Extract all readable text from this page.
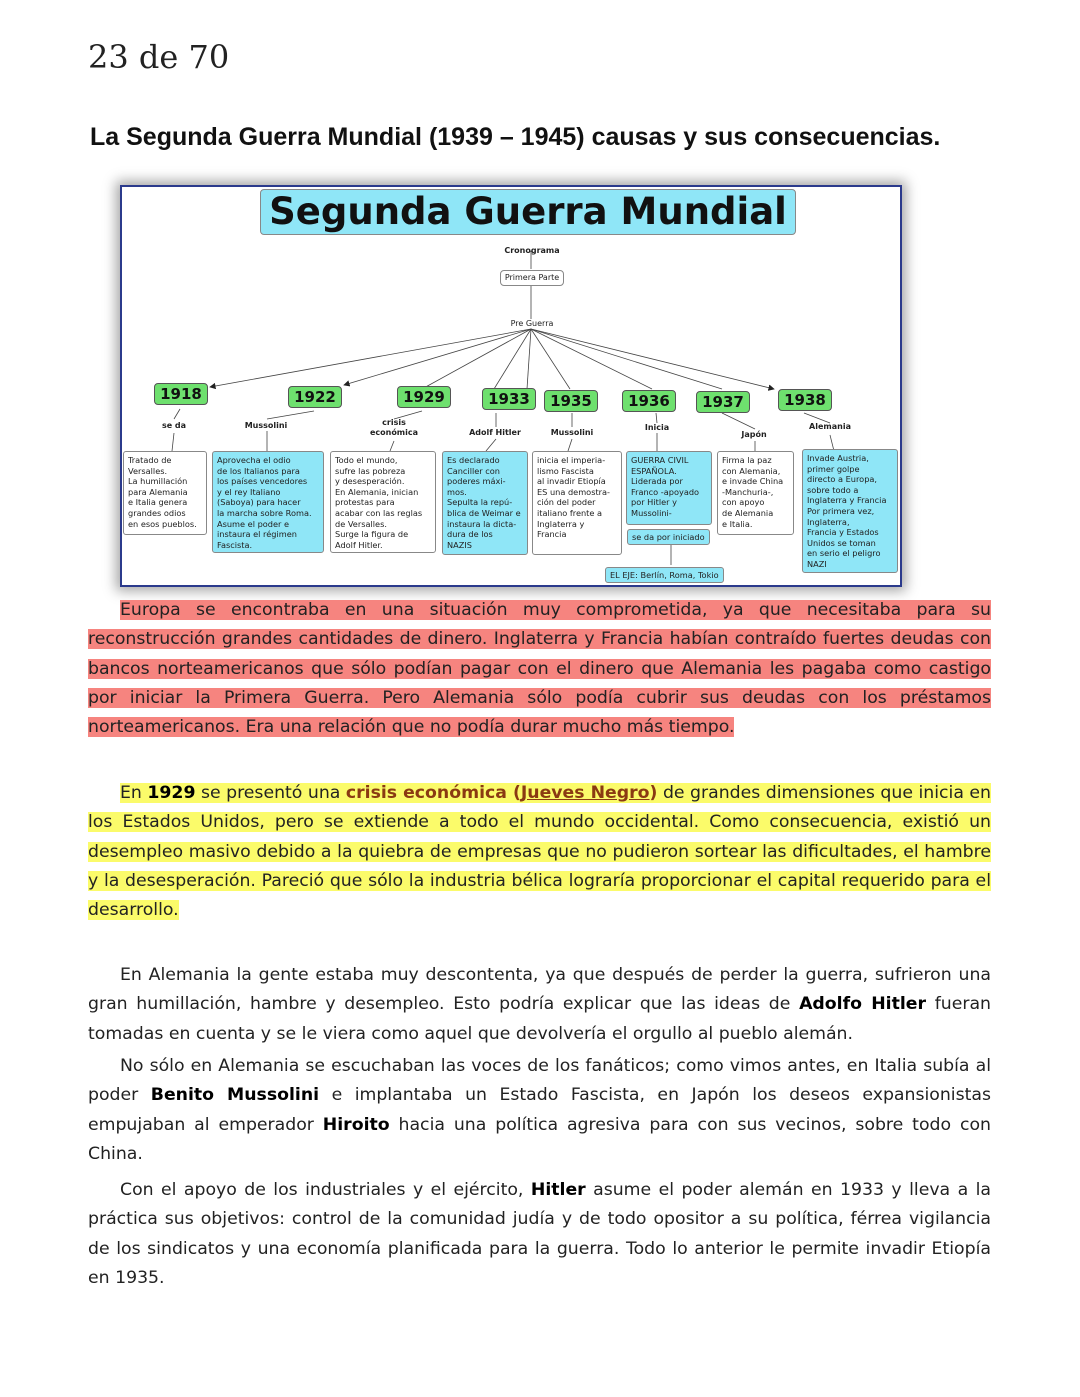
23 de 70
La Segunda Guerra Mundial (1939 – 1945) causas y sus consecuencias.
Segunda Guerra Mundial
Cronograma
Primera Parte
Pre Guerra
1918	1922	1929	1933	1935	1936	1937	1938
se da	Mussolini	crisis
económica	Adolf Hitler	Mussolini
Inicia
Japón
Alemania
Tratado de
Versalles.
La humillación
para Alemania
e Italia genera
grandes odios
en esos pueblos.
Aprovecha el odio
de los Italianos para
los países vencedores
y el rey Italiano
(Saboya) para hacer
la marcha sobre Roma.
Asume el poder e
instaura el régimen
Fascista.
Todo el mundo,
sufre las pobreza
y desesperación.
En Alemania, inician
protestas para
acabar con las reglas
de Versalles.
Surge la figura de
Adolf Hitler.
Es declarado
Canciller con
poderes máxi-
mos.
Sepulta la repú-
blica de Weimar e
instaura la dicta-
dura de los
NAZIS
inicia el imperia-
lismo Fascista
al invadir Etiopía
ES una demostra-
ción del poder
italiano frente a
Inglaterra y
Francia
GUERRA CIVIL
ESPAÑOLA.
Liderada por
Franco -apoyado
por Hitler y
Mussolini-
Firma la paz
con Alemania,
e invade China
-Manchuria-,
con apoyo
de Alemania
e Italia.
Invade Austria,
primer golpe
directo a Europa,
sobre todo a
Inglaterra y Francia
Por primera vez,
Inglaterra,
Francia y Estados
Unidos se toman
en serio el peligro
NAZI
se da por iniciado
EL EJE: Berlín, Roma, Tokio

Europa se encontraba en una situación muy comprometida, ya que necesitaba para su reconstrucción grandes cantidades de dinero. Inglaterra y Francia habían contraído fuertes deudas con bancos norteamericanos que sólo podían pagar con el dinero que Alemania les pagaba como castigo por iniciar la Primera Guerra. Pero Alemania sólo podía cubrir sus deudas con los préstamos norteamericanos. Era una relación que no podía durar mucho más tiempo.

En 1929 se presentó una crisis económica (Jueves Negro) de grandes dimensiones que inicia en los Estados Unidos, pero se extiende a todo el mundo occidental. Como consecuencia, existió un desempleo masivo debido a la quiebra de empresas que no pudieron sortear las dificultades, el hambre y la desesperación. Pareció que sólo la industria bélica lograría proporcionar el capital requerido para el desarrollo.

En Alemania la gente estaba muy descontenta, ya que después de perder la guerra, sufrieron una gran humillación, hambre y desempleo. Esto podría explicar que las ideas de Adolfo Hitler fueran tomadas en cuenta y se le viera como aquel que devolvería el orgullo al pueblo alemán.

No sólo en Alemania se escuchaban las voces de los fanáticos; como vimos antes, en Italia subía al poder Benito Mussolini e implantaba un Estado Fascista, en Japón los deseos expansionistas empujaban al emperador Hiroito hacia una política agresiva para con sus vecinos, sobre todo con China.

Con el apoyo de los industriales y el ejército, Hitler asume el poder alemán en 1933 y lleva a la práctica sus objetivos: control de la comunidad judía y de todo opositor a su política, férrea vigilancia de los sindicatos y una economía planificada para la guerra. Todo lo anterior le permite invadir Etiopía en 1935.
